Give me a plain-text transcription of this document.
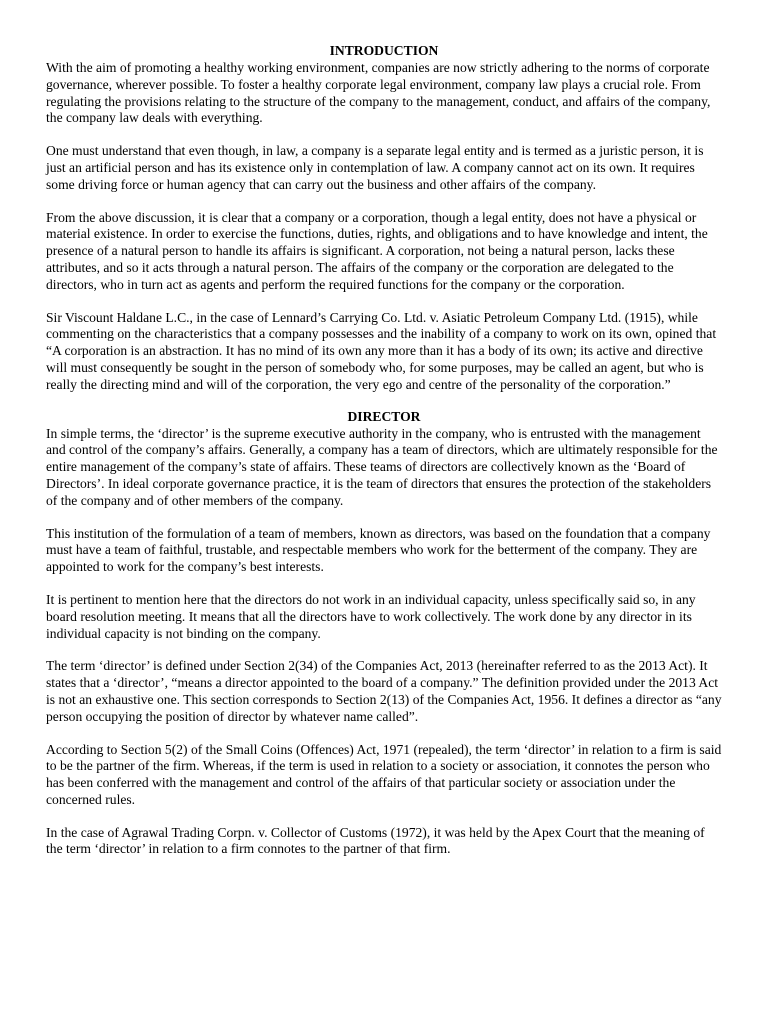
INTRODUCTION

With the aim of promoting a healthy working environment, companies are now strictly adhering to the norms of corporate governance, wherever possible. To foster a healthy corporate legal environment, company law plays a crucial role. From regulating the provisions relating to the structure of the company to the management, conduct, and affairs of the company, the company law deals with everything.

One must understand that even though, in law, a company is a separate legal entity and is termed as a juristic person, it is just an artificial person and has its existence only in contemplation of law. A company cannot act on its own. It requires some driving force or human agency that can carry out the business and other affairs of the company.

From the above discussion, it is clear that a company or a corporation, though a legal entity, does not have a physical or material existence. In order to exercise the functions, duties, rights, and obligations and to have knowledge and intent, the presence of a natural person to handle its affairs is significant. A corporation, not being a natural person, lacks these attributes, and so it acts through a natural person. The affairs of the company or the corporation are delegated to the directors, who in turn act as agents and perform the required functions for the company or the corporation.

Sir Viscount Haldane L.C., in the case of Lennard’s Carrying Co. Ltd. v. Asiatic Petroleum Company Ltd. (1915), while commenting on the characteristics that a company possesses and the inability of a company to work on its own, opined that “A corporation is an abstraction. It has no mind of its own any more than it has a body of its own; its active and directive will must consequently be sought in the person of somebody who, for some purposes, may be called an agent, but who is really the directing mind and will of the corporation, the very ego and centre of the personality of the corporation.”

DIRECTOR

In simple terms, the ‘director’ is the supreme executive authority in the company, who is entrusted with the management and control of the company’s affairs. Generally, a company has a team of directors, which are ultimately responsible for the entire management of the company’s state of affairs. These teams of directors are collectively known as the ‘Board of Directors’. In ideal corporate governance practice, it is the team of directors that ensures the protection of the stakeholders of the company and of other members of the company.

This institution of the formulation of a team of members, known as directors, was based on the foundation that a company must have a team of faithful, trustable, and respectable members who work for the betterment of the company. They are appointed to work for the company’s best interests.

It is pertinent to mention here that the directors do not work in an individual capacity, unless specifically said so, in any board resolution meeting. It means that all the directors have to work collectively. The work done by any director in its individual capacity is not binding on the company.

The term ‘director’ is defined under Section 2(34) of the Companies Act, 2013 (hereinafter referred to as the 2013 Act). It states that a ‘director’, “means a director appointed to the board of a company.” The definition provided under the 2013 Act is not an exhaustive one. This section corresponds to Section 2(13) of the Companies Act, 1956. It defines a director as “any person occupying the position of director by whatever name called”.

According to Section 5(2) of the Small Coins (Offences) Act, 1971 (repealed), the term ‘director’ in relation to a firm is said to be the partner of the firm. Whereas, if the term is used in relation to a society or association, it connotes the person who has been conferred with the management and control of the affairs of that particular society or association under the concerned rules.

In the case of Agrawal Trading Corpn. v. Collector of Customs (1972), it was held by the Apex Court that the meaning of the term ‘director’ in relation to a firm connotes to the partner of that firm.
